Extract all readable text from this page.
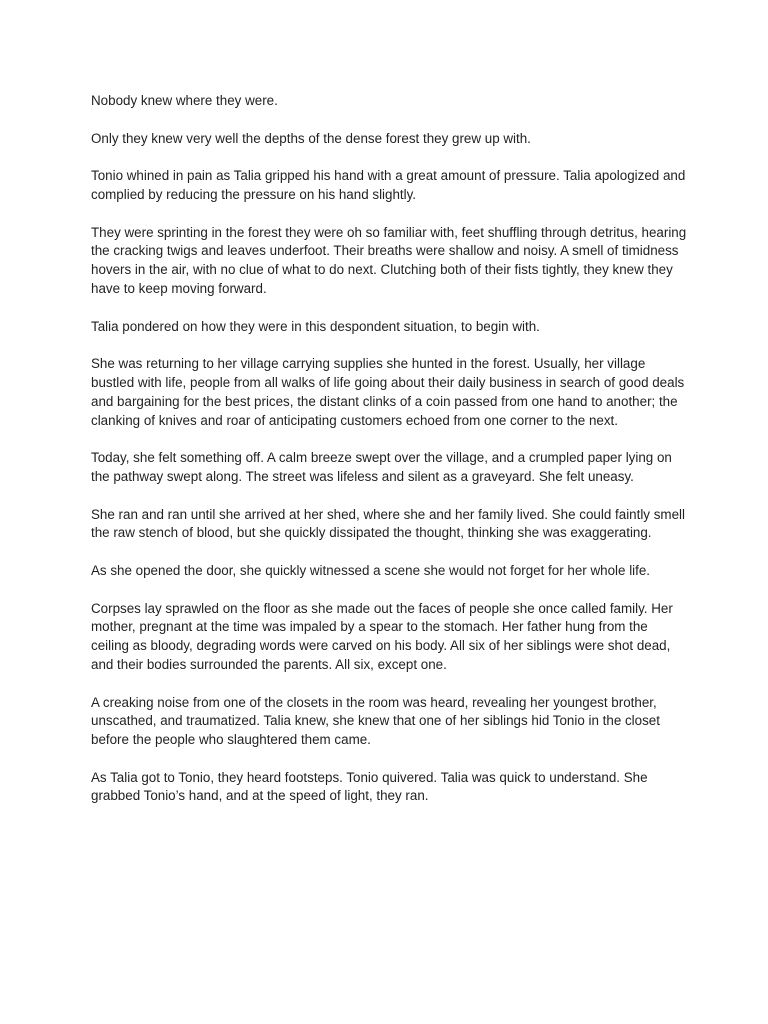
Nobody knew where they were.

Only they knew very well the depths of the dense forest they grew up with.

Tonio whined in pain as Talia gripped his hand with a great amount of pressure. Talia apologized and complied by reducing the pressure on his hand slightly.

They were sprinting in the forest they were oh so familiar with, feet shuffling through detritus, hearing the cracking twigs and leaves underfoot. Their breaths were shallow and noisy. A smell of timidness hovers in the air, with no clue of what to do next. Clutching both of their fists tightly, they knew they have to keep moving forward.

Talia pondered on how they were in this despondent situation, to begin with.

She was returning to her village carrying supplies she hunted in the forest. Usually, her village bustled with life, people from all walks of life going about their daily business in search of good deals and bargaining for the best prices, the distant clinks of a coin passed from one hand to another; the clanking of knives and roar of anticipating customers echoed from one corner to the next.

Today, she felt something off. A calm breeze swept over the village, and a crumpled paper lying on the pathway swept along. The street was lifeless and silent as a graveyard. She felt uneasy.

She ran and ran until she arrived at her shed, where she and her family lived. She could faintly smell the raw stench of blood, but she quickly dissipated the thought, thinking she was exaggerating.

As she opened the door, she quickly witnessed a scene she would not forget for her whole life.

Corpses lay sprawled on the floor as she made out the faces of people she once called family. Her mother, pregnant at the time was impaled by a spear to the stomach. Her father hung from the ceiling as bloody, degrading words were carved on his body. All six of her siblings were shot dead, and their bodies surrounded the parents. All six, except one.

A creaking noise from one of the closets in the room was heard, revealing her youngest brother, unscathed, and traumatized. Talia knew, she knew that one of her siblings hid Tonio in the closet before the people who slaughtered them came.

As Talia got to Tonio, they heard footsteps. Tonio quivered. Talia was quick to understand. She grabbed Tonio’s hand, and at the speed of light, they ran.
